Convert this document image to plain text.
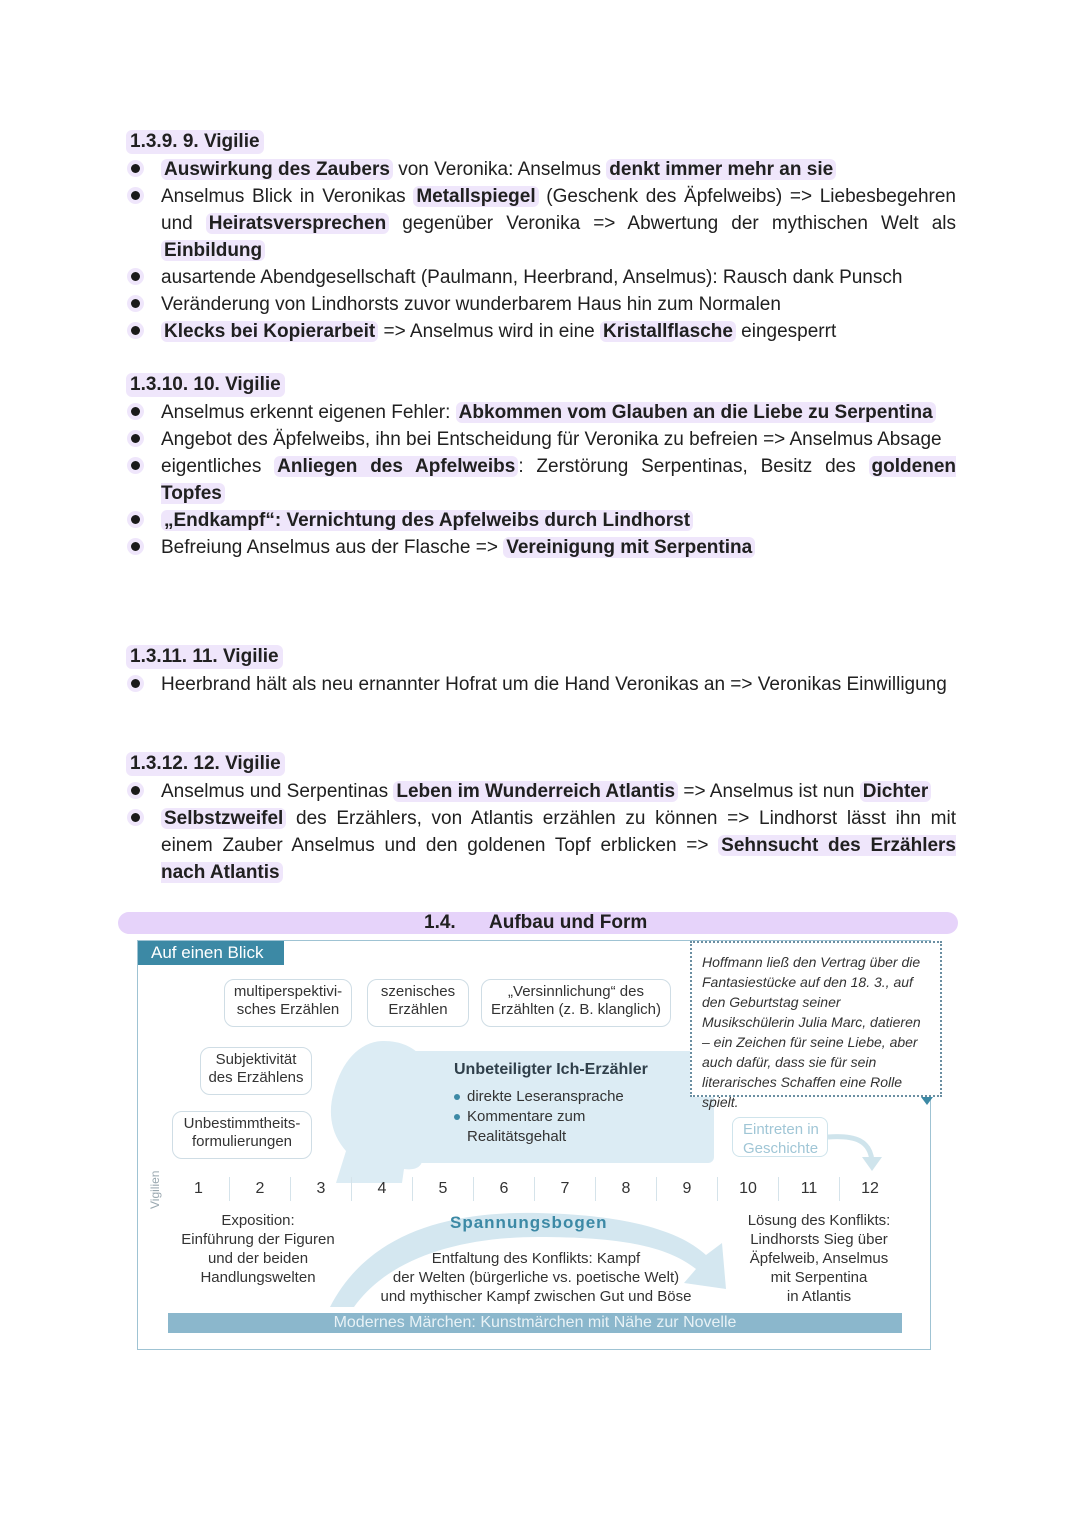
1.3.9. 9. Vigilie
Auswirkung des Zaubers von Veronika: Anselmus denkt immer mehr an sie
Anselmus Blick in Veronikas Metallspiegel (Geschenk des Äpfelweibs) => Liebesbegehren und Heiratsversprechen gegenüber Veronika => Abwertung der mythischen Welt als Einbildung
ausartende Abendgesellschaft (Paulmann, Heerbrand, Anselmus): Rausch dank Punsch
Veränderung von Lindhorsts zuvor wunderbarem Haus hin zum Normalen
Klecks bei Kopierarbeit => Anselmus wird in eine Kristallflasche eingesperrt
1.3.10. 10. Vigilie
Anselmus erkennt eigenen Fehler: Abkommen vom Glauben an die Liebe zu Serpentina
Angebot des Äpfelweibs, ihn bei Entscheidung für Veronika zu befreien => Anselmus Absage
eigentliches Anliegen des Apfelweibs : Zerstörung Serpentinas, Besitz des goldenen Topfes
„Endkampf“: Vernichtung des Apfelweibs durch Lindhorst
Befreiung Anselmus aus der Flasche => Vereinigung mit Serpentina
1.3.11. 11. Vigilie
Heerbrand hält als neu ernannter Hofrat um die Hand Veronikas an => Veronikas Einwilligung
1.3.12. 12. Vigilie
Anselmus und Serpentinas Leben im Wunderreich Atlantis => Anselmus ist nun Dichter
Selbstzweifel des Erzählers, von Atlantis erzählen zu können => Lindhorst lässt ihn mit einem Zauber Anselmus und den goldenen Topf erblicken => Sehnsucht des Erzählers nach Atlantis
1.4. Aufbau und Form
Auf einen Blick
multiperspektivi-
sches Erzählen
szenisches
Erzählen
„Versinnlichung“ des
Erzählten (z. B. klanglich)
Subjektivität
des Erzählens
Unbestimmtheits-
formulierungen
Unbeteiligter Ich-Erzähler
direkte Leseransprache
Kommentare zum
Realitätsgehalt
Hoffmann ließ den Vertrag über die Fantasiestücke auf den 18. 3., auf den Geburtstag seiner Musikschülerin Julia Marc, datieren – ein Zeichen für seine Liebe, aber auch dafür, dass sie für sein literarisches Schaffen eine Rolle spielt.
Eintreten in
Geschichte
Vigilien	1	2	3	4	5	6	7	8	9	10	11	12
Spannungsbogen
Exposition:
Einführung der Figuren
und der beiden
Handlungswelten
Entfaltung des Konflikts: Kampf
der Welten (bürgerliche vs. poetische Welt)
und mythischer Kampf zwischen Gut und Böse
Lösung des Konflikts:
Lindhorsts Sieg über
Äpfelweib, Anselmus
mit Serpentina
in Atlantis
Modernes Märchen: Kunstmärchen mit Nähe zur Novelle
